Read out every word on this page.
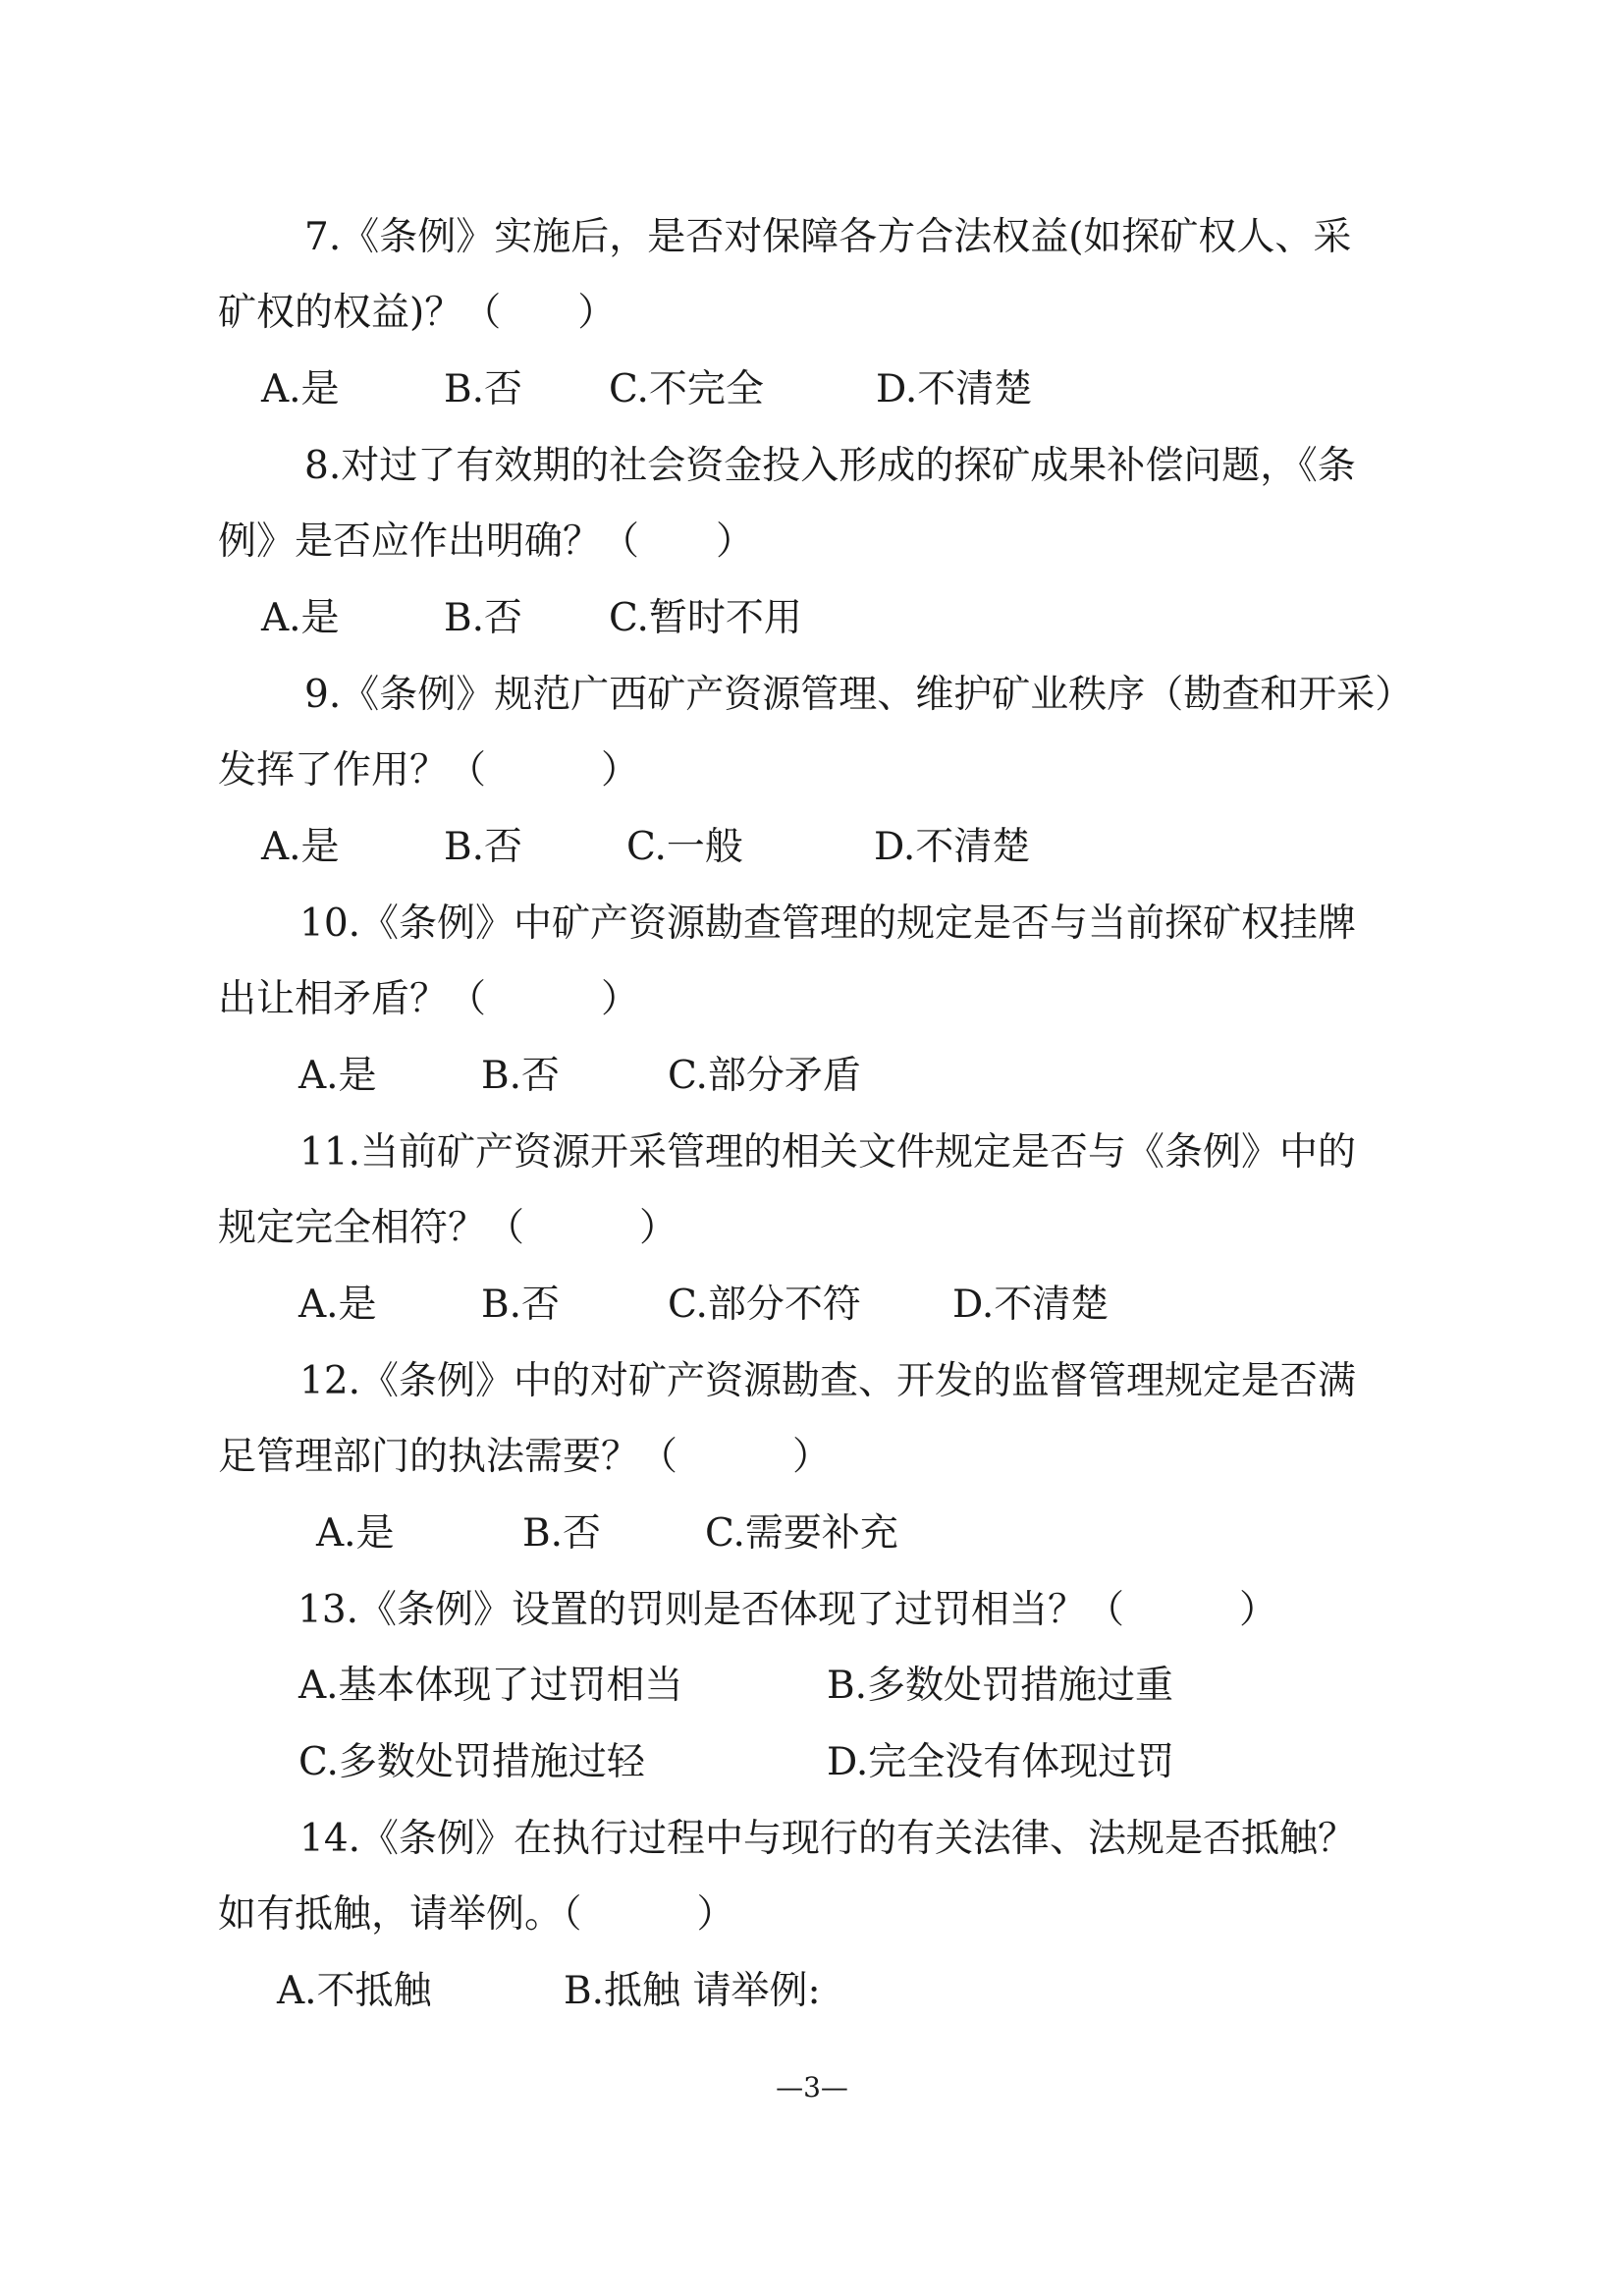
7.《条例》实施后，是否对保障各方合法权益(如探矿权人、采
矿权的权益)？（　　）
A.是	B.否 C.不完全	D.不清楚
8.对过了有效期的社会资金投入形成的探矿成果补偿问题，《条
例》是否应作出明确？（　　）
A.是	B.否 C.暂时不用
9.《条例》规范广西矿产资源管理、维护矿业秩序（勘查和开采）
发挥了作用？（　　　）
A.是	B.否	C.一般	D.不清楚
10.《条例》中矿产资源勘查管理的规定是否与当前探矿权挂牌
出让相矛盾？（　　　）
A.是	B.否	C.部分矛盾
11.当前矿产资源开采管理的相关文件规定是否与《条例》中的
规定完全相符？（　　　）
A.是	B.否	C.部分不符 D.不清楚
12.《条例》中的对矿产资源勘查、开发的监督管理规定是否满
足管理部门的执法需要？（　　　）
A.是	B.否	C.需要补充
13.《条例》设置的罚则是否体现了过罚相当？（　　　）
A.基本体现了过罚相当	B.多数处罚措施过重
C.多数处罚措施过轻	D.完全没有体现过罚
14.《条例》在执行过程中与现行的有关法律、法规是否抵触？
如有抵触，请举例。（　　　）
A.不抵触	B.抵触 请举例:
—3—
